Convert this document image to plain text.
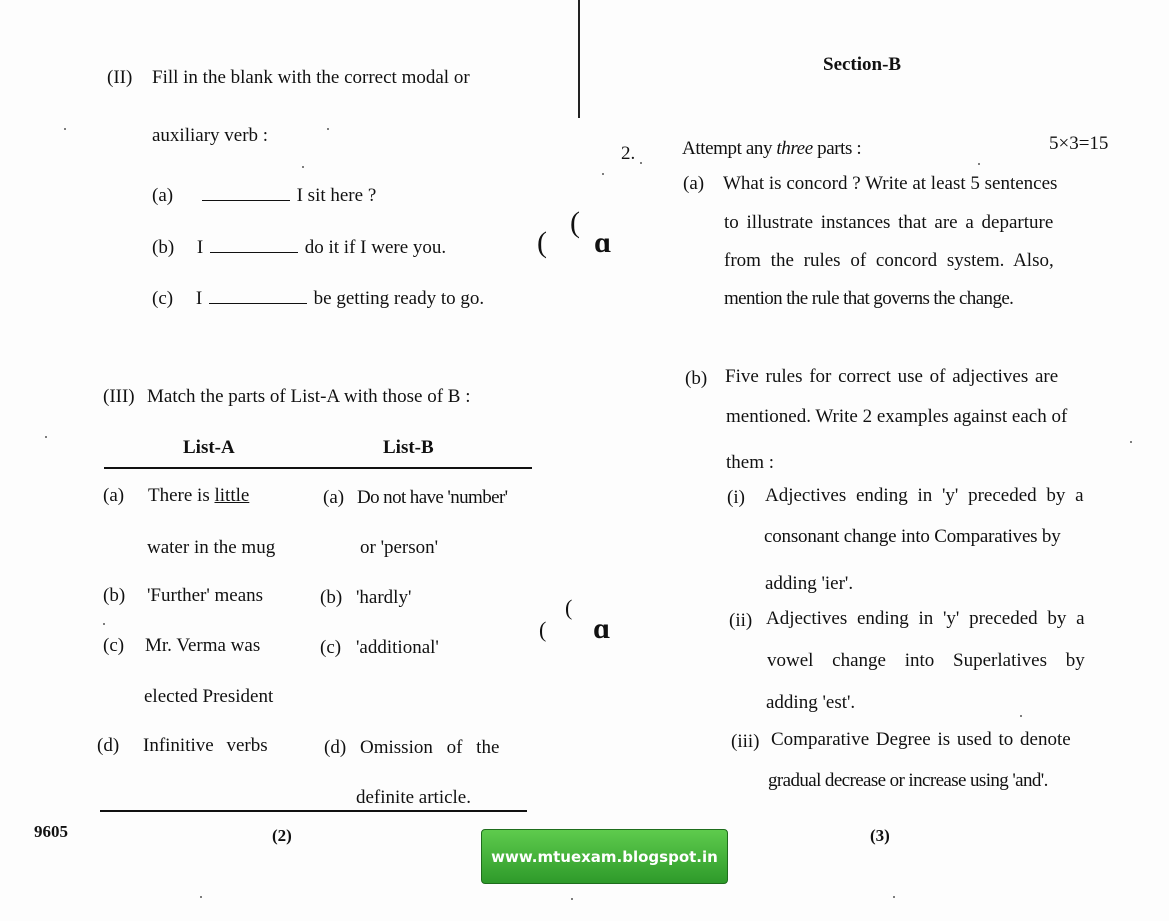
(II) Fill in the blank with the correct modal or
auxiliary verb :
(a)	I sit here ?
(b) I	do it if I were you.
(c) I	be getting ready to go.
(III) Match the parts of List-A with those of B :
List-A	List-B
(a) There is little	(a) Do not have 'number'
water in the mug	or 'person'
(b) 'Further' means	(b) 'hardly'
(c) Mr. Verma was	(c) 'additional'
elected President
(d) Infinitive verbs	(d) Omission of the
definite article.
9605	(2)
(
(
ɑ
(
(
ɑ
Section-B
2. Attempt any three parts :	5×3=15
(a) What is concord ? Write at least 5 sentences
to illustrate instances that are a departure
from the rules of concord system. Also,
mention the rule that governs the change.
(b) Five rules for correct use of adjectives are
mentioned. Write 2 examples against each of
them :
(i) Adjectives ending in 'y' preceded by a
consonant change into Comparatives by
adding 'ier'.
(ii) Adjectives ending in 'y' preceded by a
vowel change into Superlatives by
adding 'est'.
(iii) Comparative Degree is used to denote
gradual decrease or increase using 'and'.
(3)
www.mtuexam.blogspot.in
